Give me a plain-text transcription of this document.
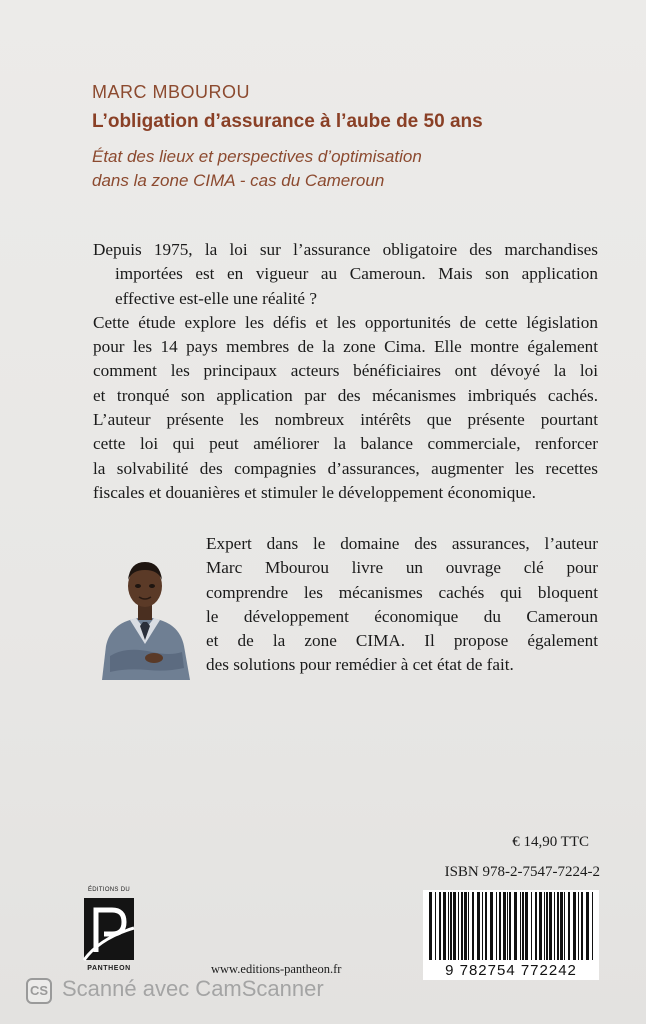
MARC MBOUROU
L’obligation d’assurance à l’aube de 50 ans
État des lieux et perspectives d’optimisation
dans la zone CIMA - cas du Cameroun
Depuis 1975, la loi sur l’assurance obligatoire des marchandises
importées est en vigueur au Cameroun. Mais son application
effective est-elle une réalité ?
Cette étude explore les défis et les opportunités de cette législation
pour les 14 pays membres de la zone Cima. Elle montre également
comment les principaux acteurs bénéficiaires ont dévoyé la loi
et tronqué son application par des mécanismes imbriqués cachés.
L’auteur présente les nombreux intérêts que présente pourtant
cette loi qui peut améliorer la balance commerciale, renforcer
la solvabilité des compagnies d’assurances, augmenter les recettes
fiscales et douanières et stimuler le développement économique.
Expert dans le domaine des assurances, l’auteur
Marc Mbourou livre un ouvrage clé pour
comprendre les mécanismes cachés qui bloquent
le développement économique du Cameroun
et de la zone CIMA. Il propose également
des solutions pour remédier à cet état de fait.
€ 14,90 TTC
ISBN 978-2-7547-7224-2
9 782754 772242
ÉDITIONS DU
PANTHEON	www.editions-pantheon.fr
CS Scanné avec CamScanner
